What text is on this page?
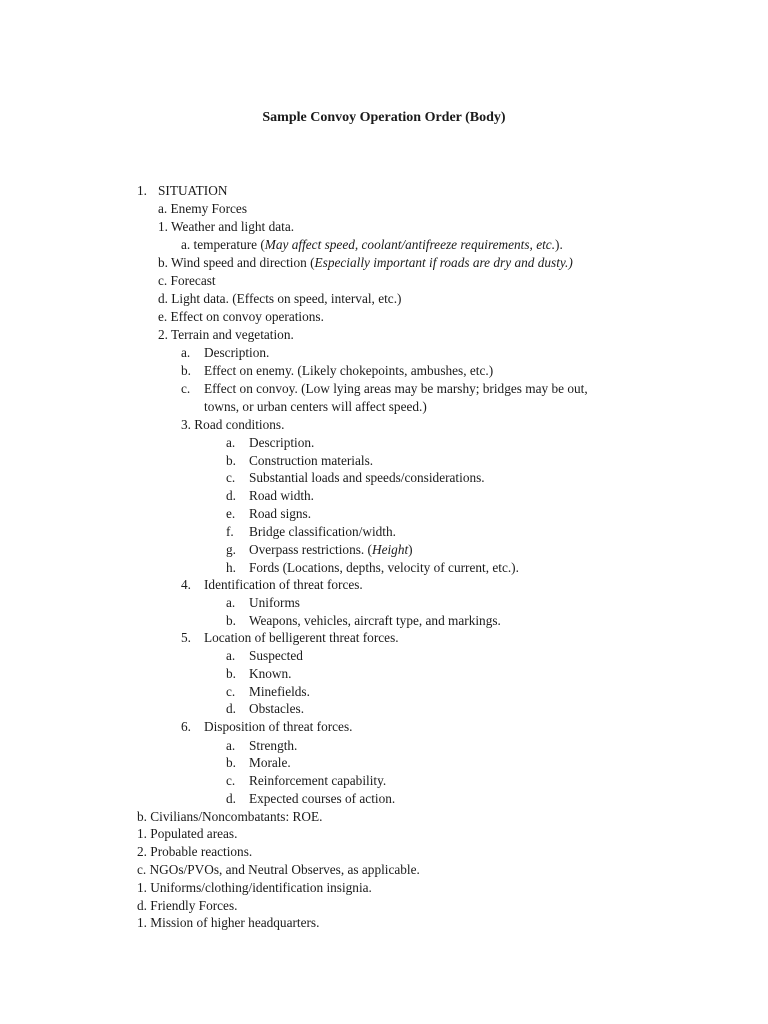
Sample Convoy Operation Order (Body)
1. SITUATION
a. Enemy Forces
1. Weather and light data.
a. temperature (May affect speed, coolant/antifreeze requirements, etc.).
b. Wind speed and direction (Especially important if roads are dry and dusty.)
c. Forecast
d. Light data. (Effects on speed, interval, etc.)
e. Effect on convoy operations.
2. Terrain and vegetation.
a. Description.
b. Effect on enemy. (Likely chokepoints, ambushes, etc.)
c. Effect on convoy. (Low lying areas may be marshy; bridges may be out,
towns, or urban centers will affect speed.)
3. Road conditions.
a. Description.
b. Construction materials.
c. Substantial loads and speeds/considerations.
d. Road width.
e. Road signs.
f. Bridge classification/width.
g. Overpass restrictions. (Height)
h. Fords (Locations, depths, velocity of current, etc.).
4. Identification of threat forces.
a. Uniforms
b. Weapons, vehicles, aircraft type, and markings.
5. Location of belligerent threat forces.
a. Suspected
b. Known.
c. Minefields.
d. Obstacles.
6. Disposition of threat forces.
a. Strength.
b. Morale.
c. Reinforcement capability.
d. Expected courses of action.
b. Civilians/Noncombatants: ROE.
1. Populated areas.
2. Probable reactions.
c. NGOs/PVOs, and Neutral Observes, as applicable.
1. Uniforms/clothing/identification insignia.
d. Friendly Forces.
1. Mission of higher headquarters.
